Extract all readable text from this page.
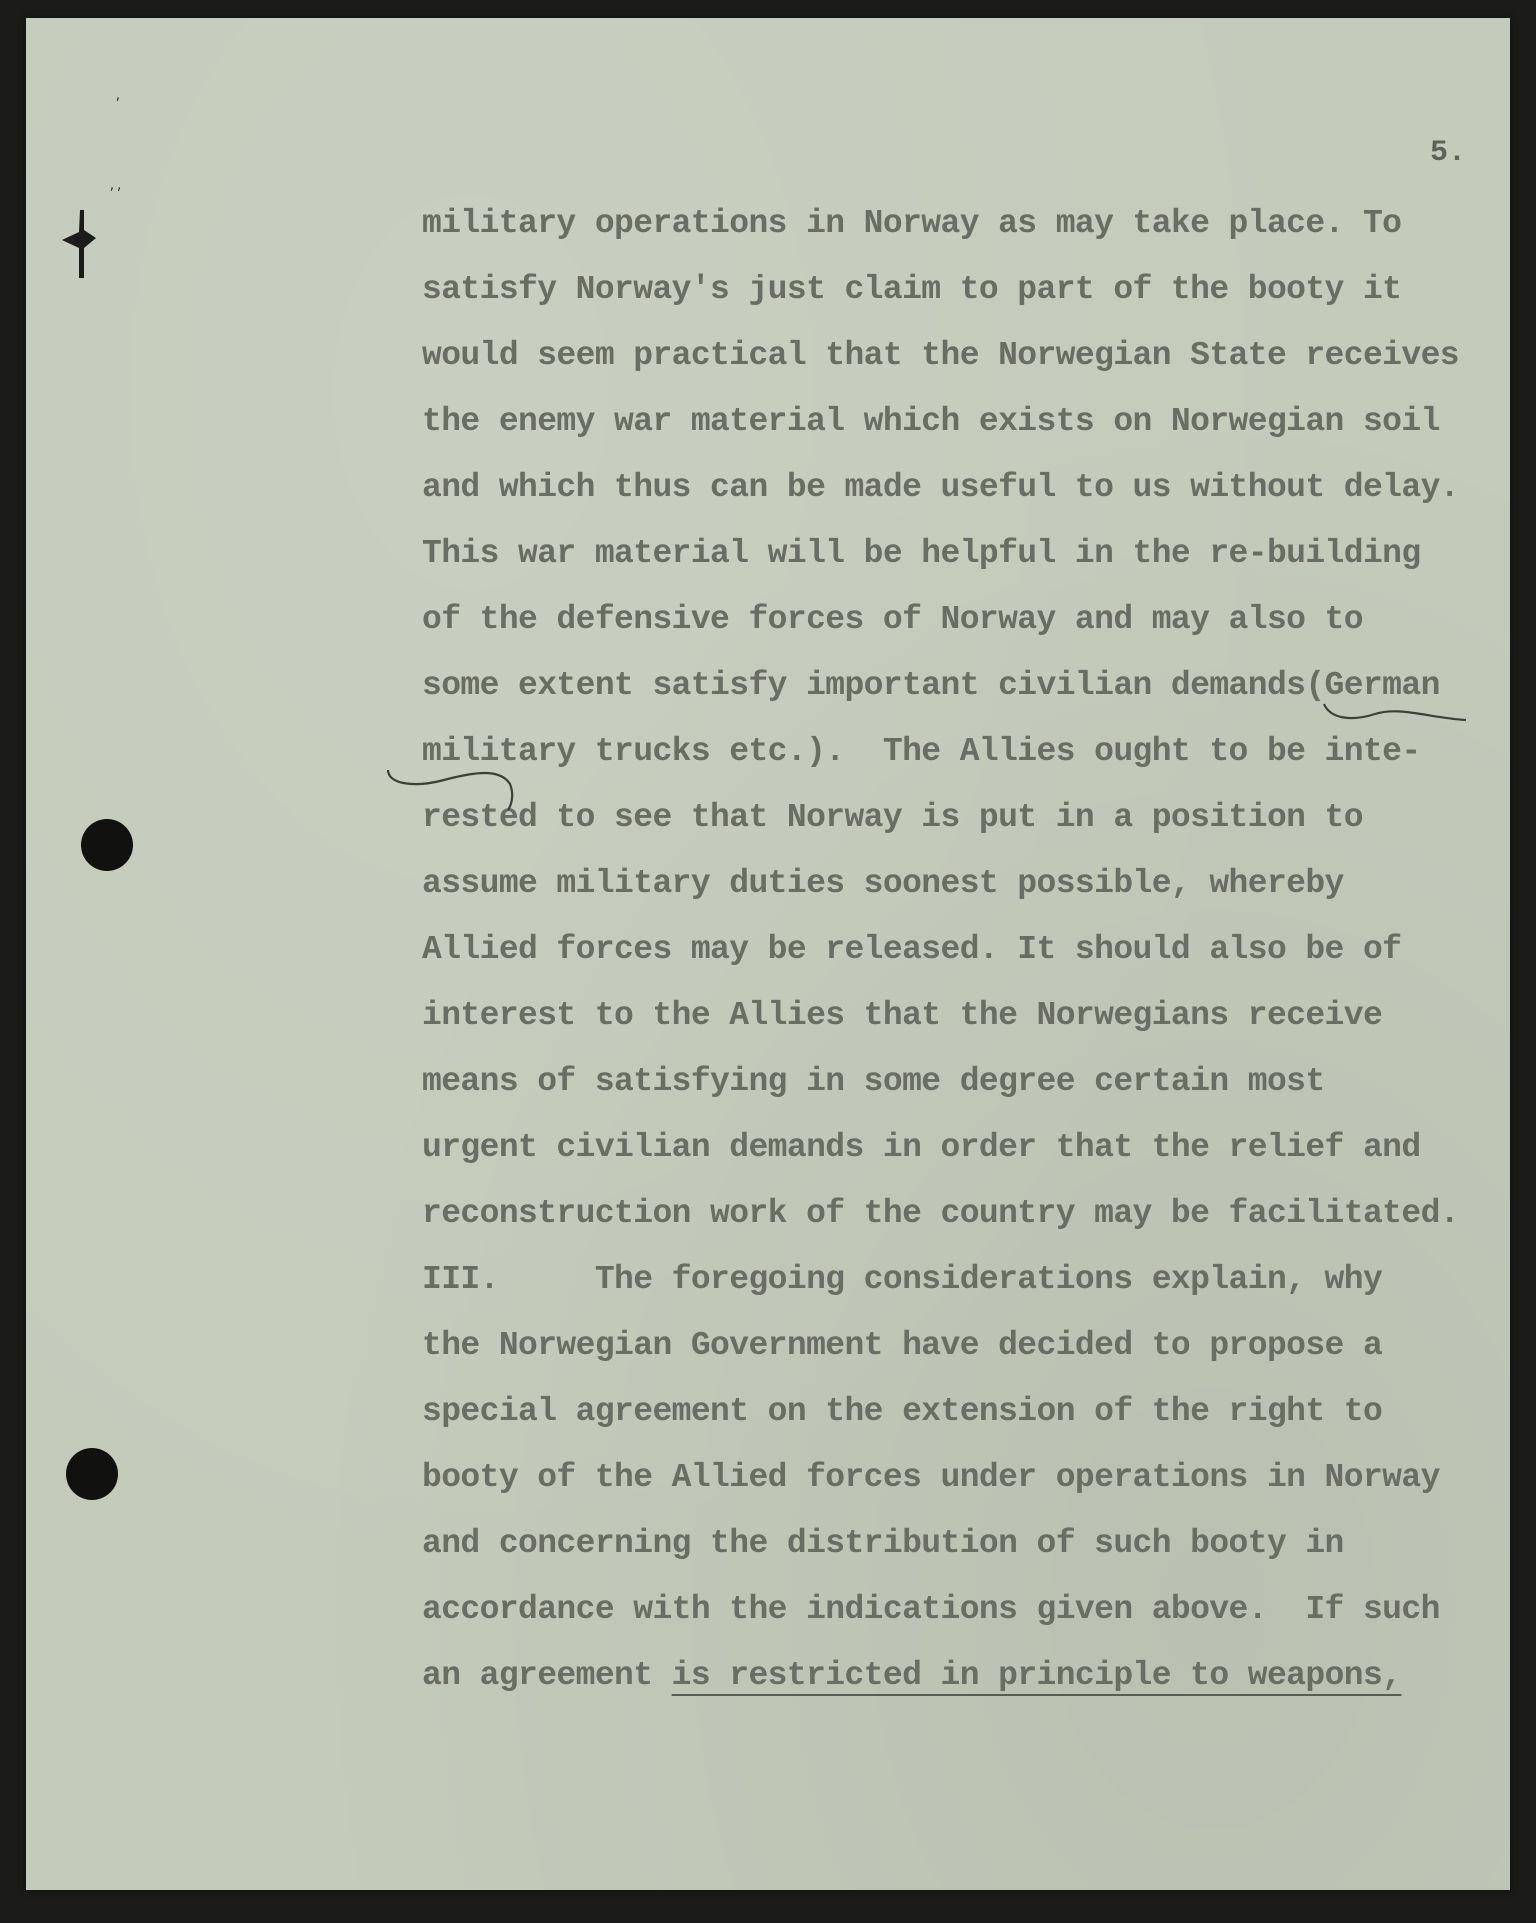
ʼ
ʼʼ
5.
military operations in Norway as may take place. To
satisfy Norway's just claim to part of the booty it
would seem practical that the Norwegian State receives
the enemy war material which exists on Norwegian soil
and which thus can be made useful to us without delay.
This war material will be helpful in the re-building
of the defensive forces of Norway and may also to
some extent satisfy important civilian demands(German
military trucks etc.).  The Allies ought to be inte-
rested to see that Norway is put in a position to
assume military duties soonest possible, whereby
Allied forces may be released. It should also be of
interest to the Allies that the Norwegians receive
means of satisfying in some degree certain most
urgent civilian demands in order that the relief and
reconstruction work of the country may be facilitated.
III.     The foregoing considerations explain, why
the Norwegian Government have decided to propose a
special agreement on the extension of the right to
booty of the Allied forces under operations in Norway
and concerning the distribution of such booty in
accordance with the indications given above.  If such
an agreement is restricted in principle to weapons,
